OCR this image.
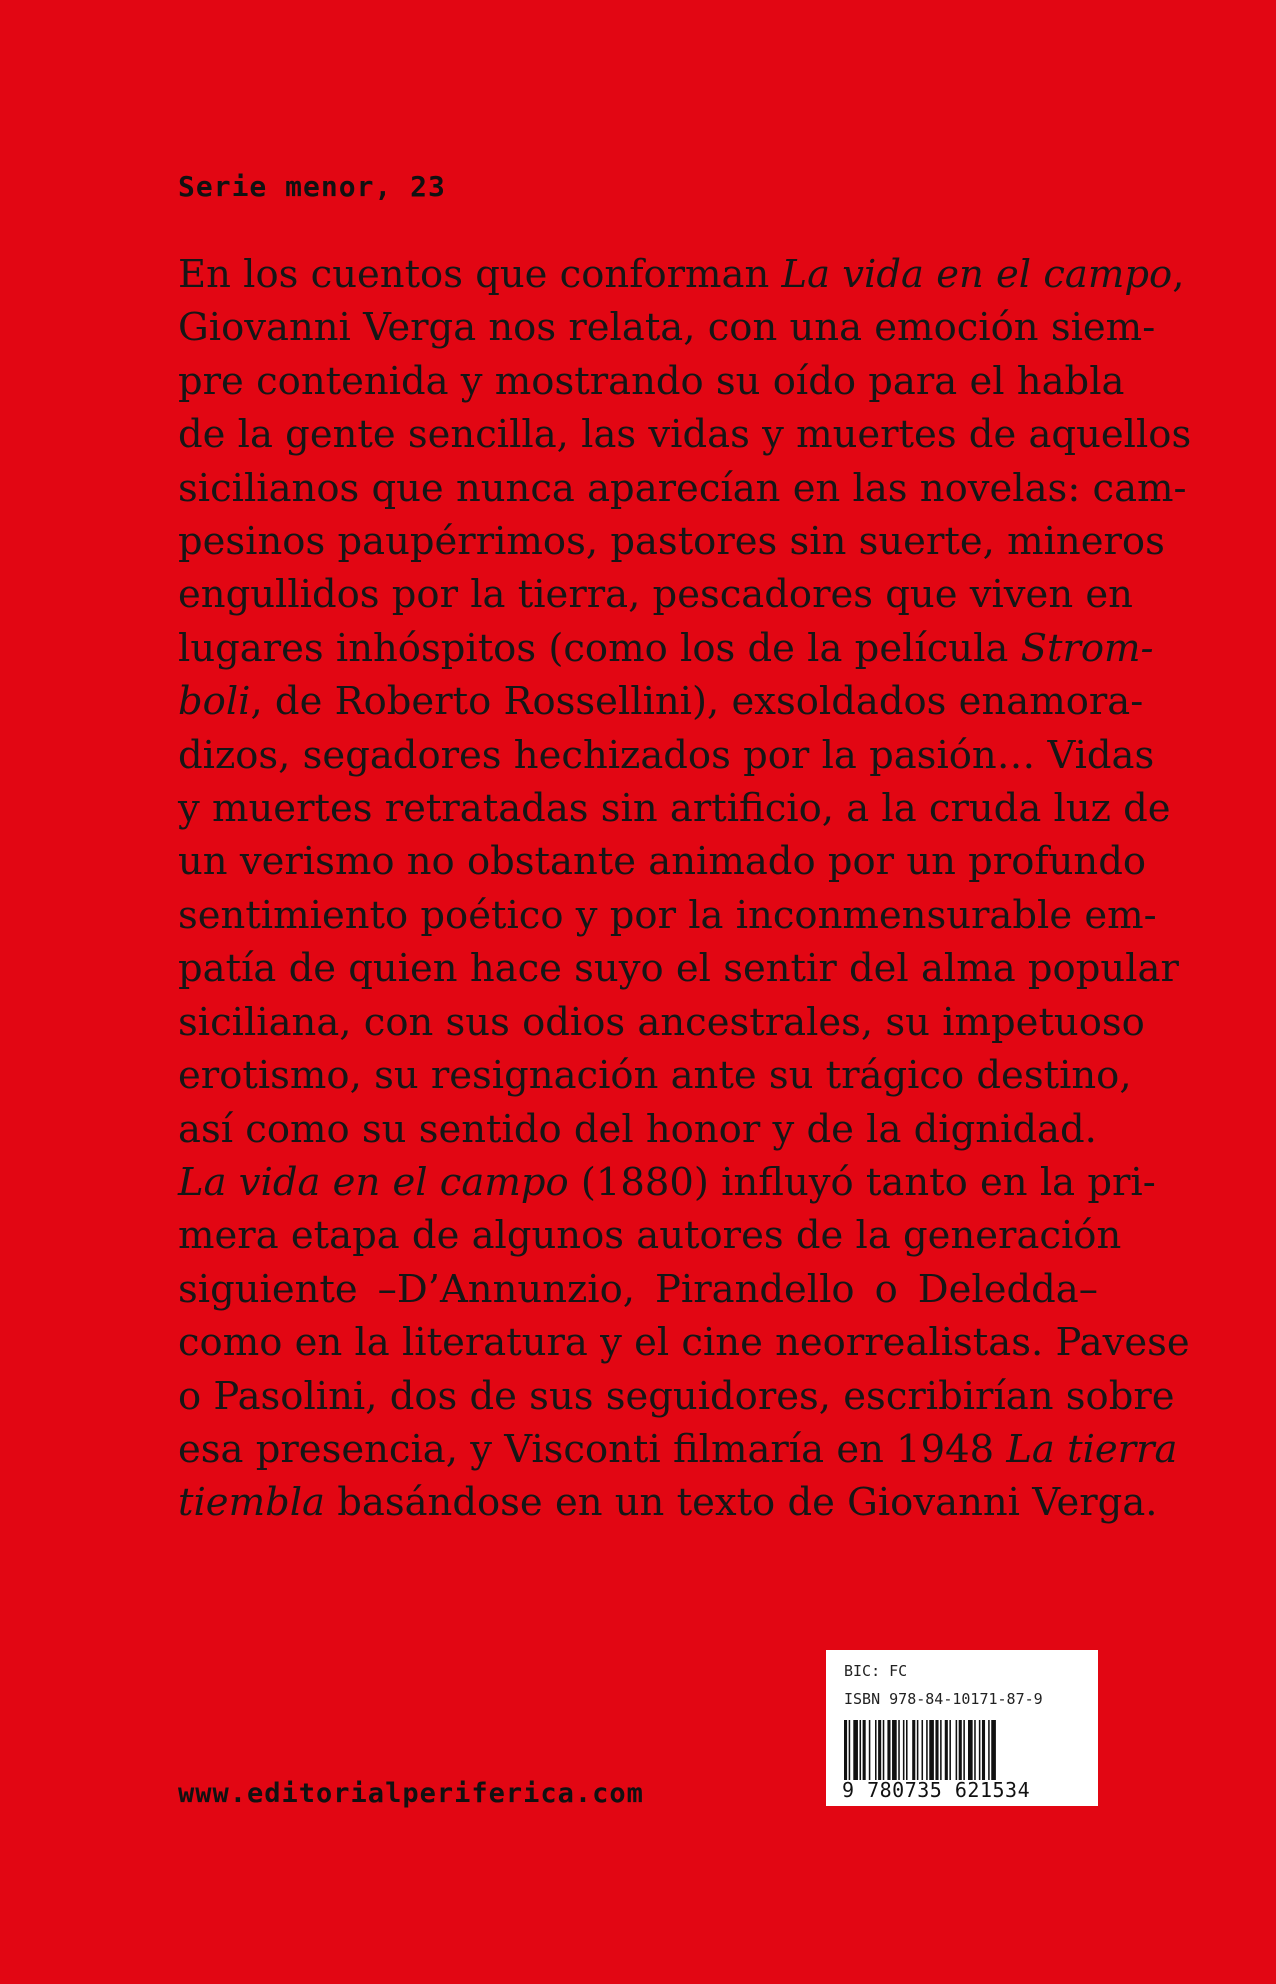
Serie menor, 23
En los cuentos que conforman La vida en el campo,
Giovanni Verga nos relata, con una emoción siem-
pre contenida y mostrando su oído para el habla
de la gente sencilla, las vidas y muertes de aquellos
sicilianos que nunca aparecían en las novelas: cam-
pesinos paupérrimos, pastores sin suerte, mineros
engullidos por la tierra, pescadores que viven en
lugares inhóspitos (como los de la película Strom-
boli, de Roberto Rossellini), exsoldados enamora-
dizos, segadores hechizados por la pasión… Vidas
y muertes retratadas sin artificio, a la cruda luz de
un verismo no obstante animado por un profundo
sentimiento poético y por la inconmensurable em-
patía de quien hace suyo el sentir del alma popular
siciliana, con sus odios ancestrales, su impetuoso
erotismo, su resignación ante su trágico destino,
así como su sentido del honor y de la dignidad.
La vida en el campo (1880) influyó tanto en la pri-
mera etapa de algunos autores de la generación
siguiente –D’Annunzio, Pirandello o Deledda–
como en la literatura y el cine neorrealistas. Pavese
o Pasolini, dos de sus seguidores, escribirían sobre
esa presencia, y Visconti filmaría en 1948 La tierra
tiembla basándose en un texto de Giovanni Verga.
www.editorialperiferica.com
BIC: FC
ISBN 978-84-10171-87-9
9 780735 621534
